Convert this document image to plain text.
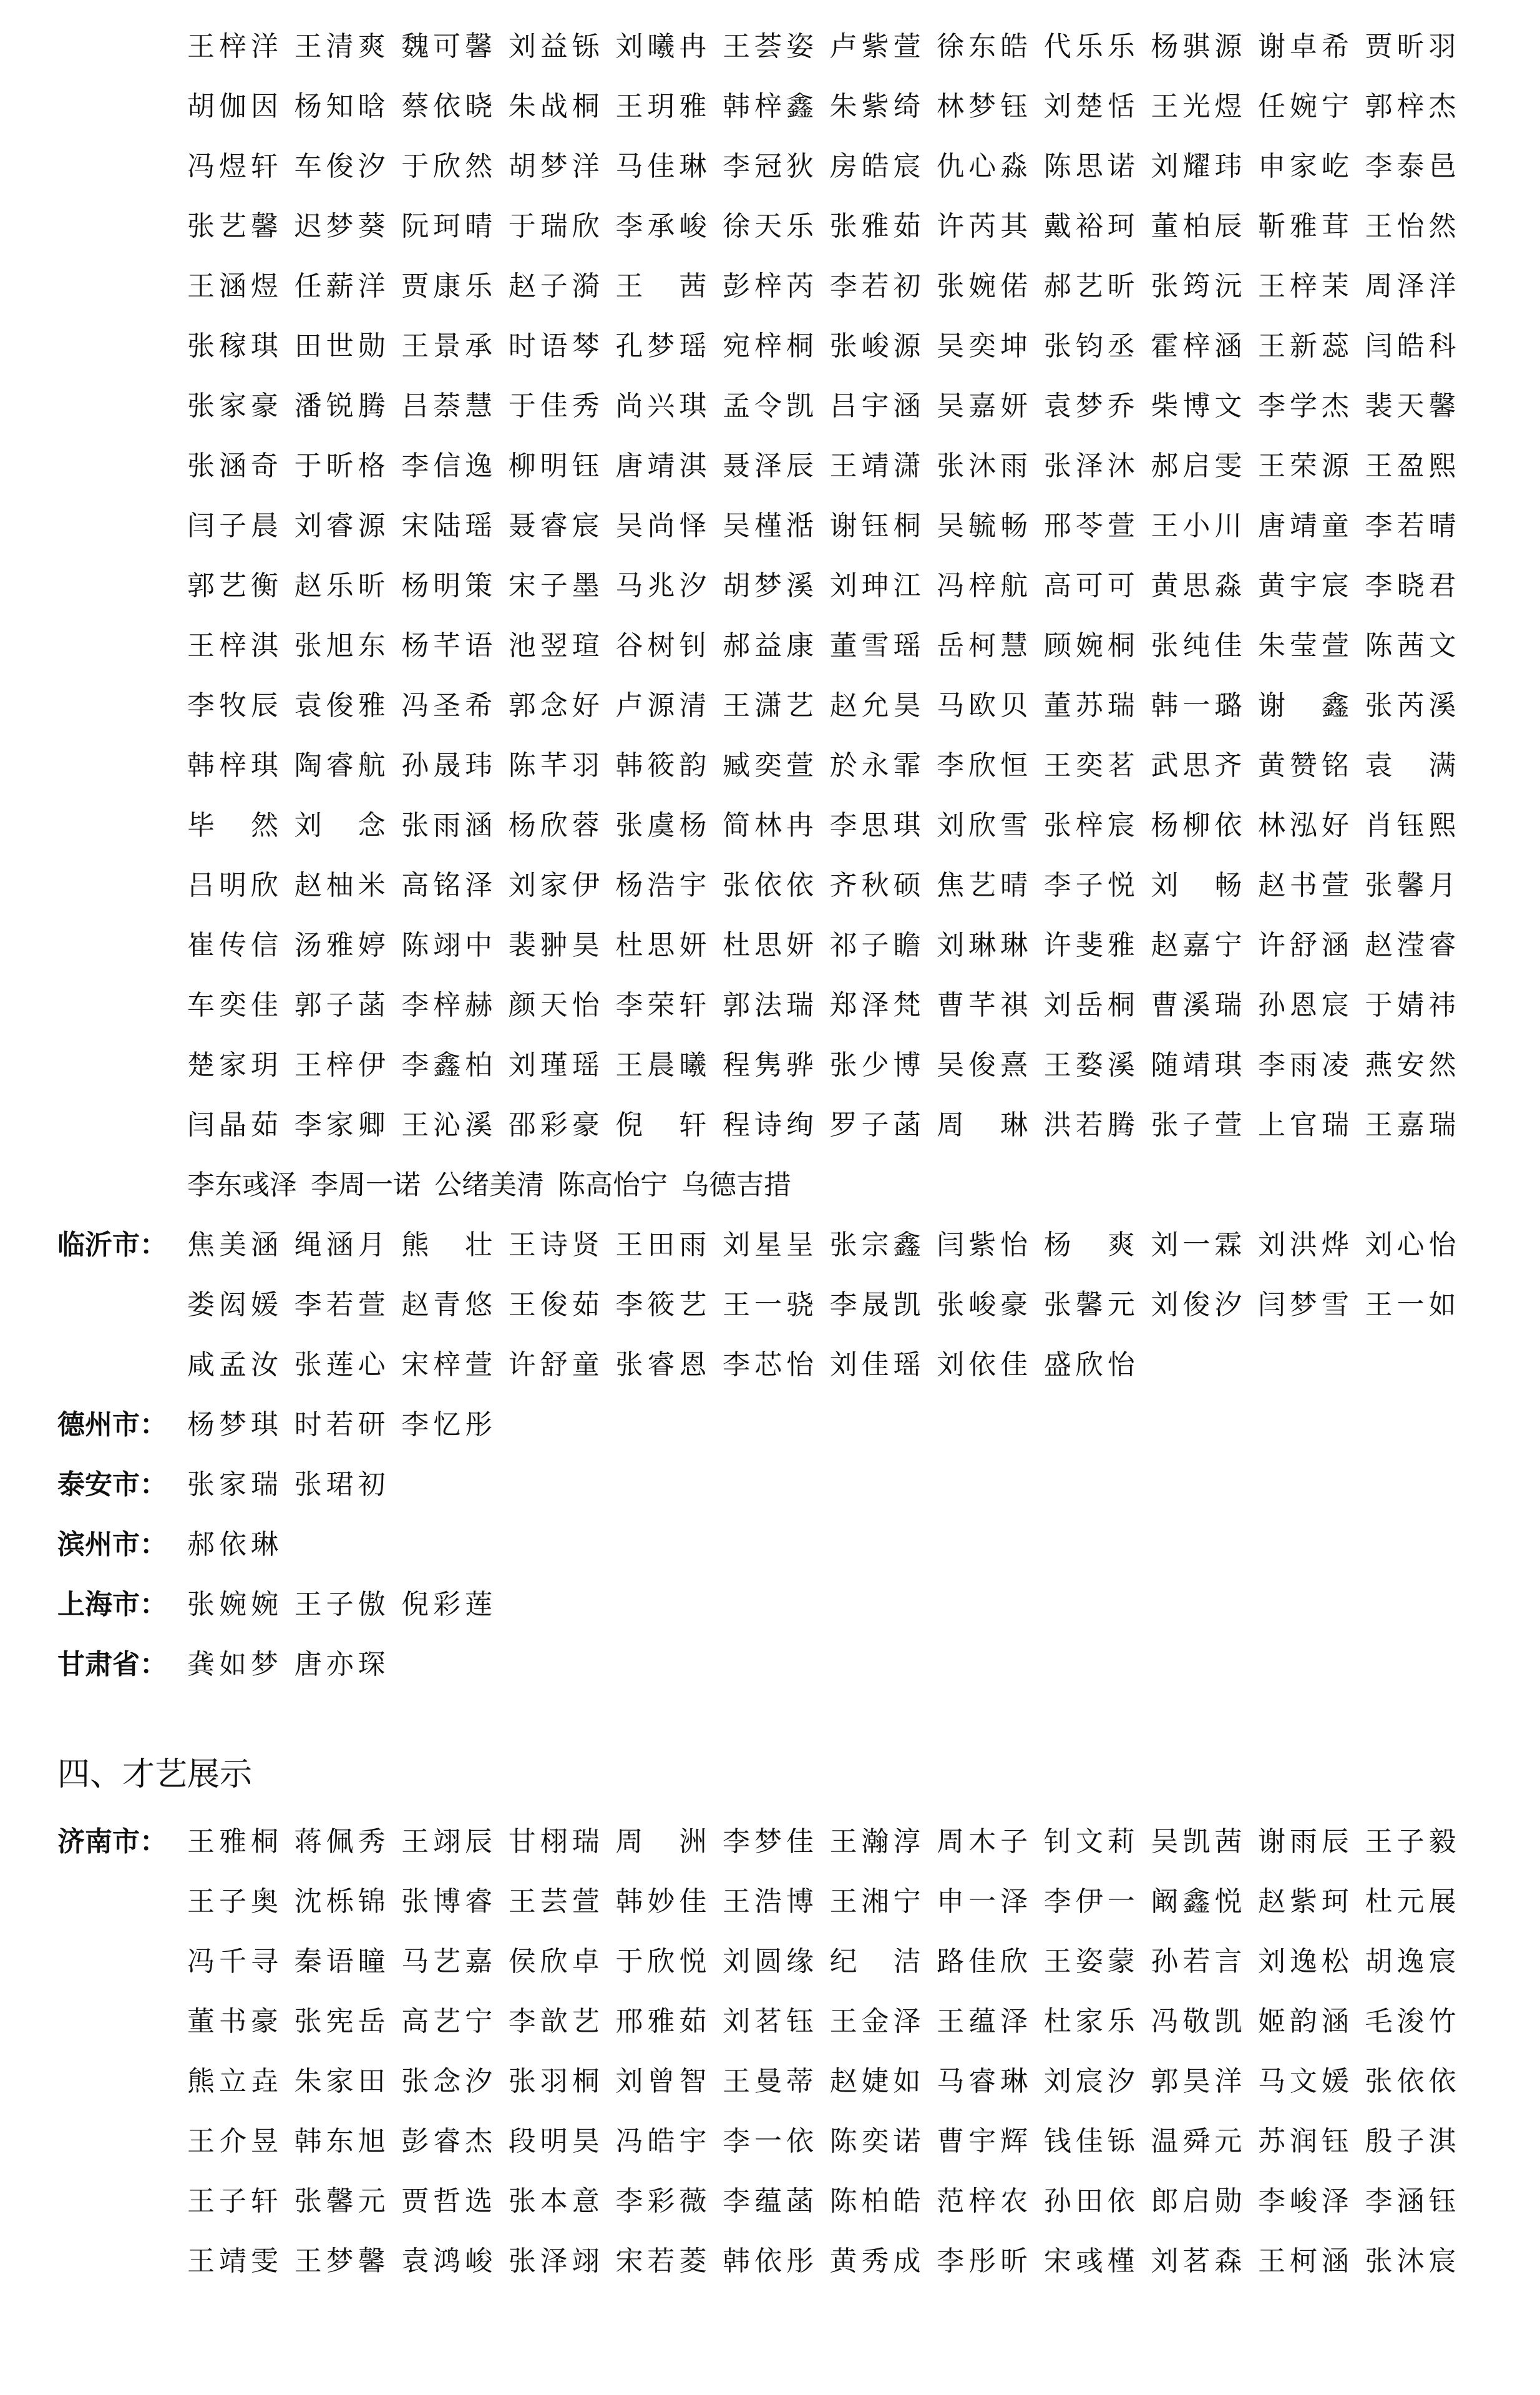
王梓洋 王清爽 魏可馨 刘益铄 刘曦冉 王荟姿 卢紫萱 徐东皓 代乐乐 杨骐源 谢卓希 贾昕羽
胡伽因 杨知晗 蔡依晓 朱战桐 王玥雅 韩梓鑫 朱紫绮 林梦钰 刘楚恬 王光煜 任婉宁 郭梓杰
冯煜轩 车俊汐 于欣然 胡梦洋 马佳琳 李冠狄 房皓宸 仇心淼 陈思诺 刘耀玮 申家屹 李泰邑
张艺馨 迟梦葵 阮珂晴 于瑞欣 李承峻 徐天乐 张雅茹 许芮其 戴裕珂 董柏辰 靳雅茸 王怡然
王涵煜 任薪洋 贾康乐 赵子漪 王茜 彭梓芮 李若初 张婉偌 郝艺昕 张筠沅 王梓茉 周泽洋
张稼琪 田世勋 王景承 时语棽 孔梦瑶 宛梓桐 张峻源 吴奕坤 张钧丞 霍梓涵 王新蕊 闫皓科
张家豪 潘锐腾 吕萘慧 于佳秀 尚兴琪 孟令凯 吕宇涵 吴嘉妍 袁梦乔 柴博文 李学杰 裴天馨
张涵奇 于昕格 李信逸 柳明钰 唐靖淇 聂泽辰 王靖潇 张沐雨 张泽沐 郝启雯 王荣源 王盈熙
闫子晨 刘睿源 宋陆瑶 聂睿宸 吴尚怿 吴槿湉 谢钰桐 吴毓畅 邢苓萱 王小川 唐靖童 李若晴
郭艺衡 赵乐昕 杨明策 宋子墨 马兆汐 胡梦溪 刘珅江 冯梓航 高可可 黄思淼 黄宇宸 李晓君
王梓淇 张旭东 杨芊语 池翌瑄 谷树钊 郝益康 董雪瑶 岳柯慧 顾婉桐 张纯佳 朱莹萱 陈茜文
李牧辰 袁俊雅 冯圣希 郭念好 卢源清 王潇艺 赵允昊 马欧贝 董苏瑞 韩一璐 谢鑫 张芮溪
韩梓琪 陶睿航 孙晟玮 陈芊羽 韩筱韵 臧奕萱 於永霏 李欣恒 王奕茗 武思齐 黄赞铭 袁满
毕然 刘念 张雨涵 杨欣蓉 张虞杨 简林冉 李思琪 刘欣雪 张梓宸 杨柳依 林泓好 肖钰熙
吕明欣 赵柚米 高铭泽 刘家伊 杨浩宇 张依依 齐秋硕 焦艺晴 李子悦 刘畅 赵书萱 张馨月
崔传信 汤雅婷 陈翊中 裴翀昊 杜思妍 杜思妍 祁子瞻 刘琳琳 许斐雅 赵嘉宁 许舒涵 赵滢睿
车奕佳 郭子菡 李梓赫 颜天怡 李荣轩 郭法瑞 郑泽梵 曹芊祺 刘岳桐 曹溪瑞 孙恩宸 于婧祎
楚家玥 王梓伊 李鑫柏 刘瑾瑶 王晨曦 程隽骅 张少博 吴俊熹 王婺溪 随靖琪 李雨凌 燕安然
闫晶茹 李家卿 王沁溪 邵彩豪 倪轩 程诗绚 罗子菡 周琳 洪若腾 张子萱 上官瑞 王嘉瑞
李东彧泽 李周一诺 公绪美清 陈高怡宁 乌德吉措
临沂市： 焦美涵 绳涵月 熊壮 王诗贤 王田雨 刘星呈 张宗鑫 闫紫怡 杨爽 刘一霖 刘洪烨 刘心怡
娄闳媛 李若萱 赵青悠 王俊茹 李筱艺 王一骁 李晟凯 张峻豪 张馨元 刘俊汐 闫梦雪 王一如
咸孟汝 张莲心 宋梓萱 许舒童 张睿恩 李芯怡 刘佳瑶 刘依佳 盛欣怡
德州市： 杨梦琪 时若研 李忆彤
泰安市： 张家瑞 张珺初
滨州市： 郝依琳
上海市： 张婉婉 王子傲 倪彩莲
甘肃省： 龚如梦 唐亦琛
四、才艺展示
济南市： 王雅桐 蒋佩秀 王翊辰 甘栩瑞 周洲 李梦佳 王瀚淳 周木子 钊文莉 吴凯茜 谢雨辰 王子毅
王子奥 沈栎锦 张博睿 王芸萱 韩妙佳 王浩博 王湘宁 申一泽 李伊一 阚鑫悦 赵紫珂 杜元展
冯千寻 秦语瞳 马艺嘉 侯欣卓 于欣悦 刘圆缘 纪洁 路佳欣 王姿蒙 孙若言 刘逸松 胡逸宸
董书豪 张宪岳 高艺宁 李歆艺 邢雅茹 刘茗钰 王金泽 王蕴泽 杜家乐 冯敬凯 姬韵涵 毛浚竹
熊立垚 朱家田 张念汐 张羽桐 刘曾智 王曼蒂 赵婕如 马睿琳 刘宸汐 郭昊洋 马文媛 张依依
王介昱 韩东旭 彭睿杰 段明昊 冯皓宇 李一依 陈奕诺 曹宇辉 钱佳铄 温舜元 苏润钰 殷子淇
王子轩 张馨元 贾哲选 张本意 李彩薇 李蕴菡 陈柏皓 范梓农 孙田依 郎启勋 李峻泽 李涵钰
王靖雯 王梦馨 袁鸿峻 张泽翊 宋若菱 韩依彤 黄秀成 李彤昕 宋彧槿 刘茗森 王柯涵 张沐宸
